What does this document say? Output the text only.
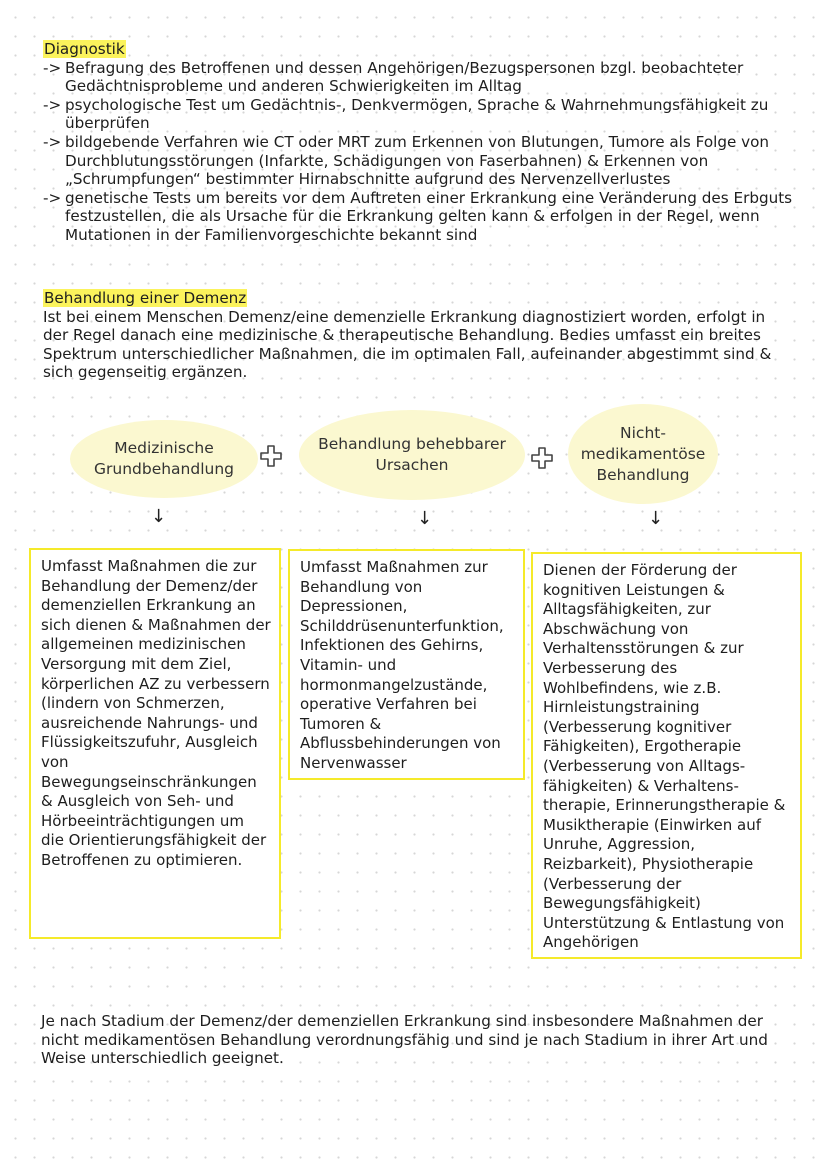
Diagnostik
-> Befragung des Betroffenen und dessen Angehörigen/Bezugspersonen bzgl. beobachteter Gedächtnisprobleme und anderen Schwierigkeiten im Alltag
-> psychologische Test um Gedächtnis-, Denkvermögen, Sprache & Wahrnehmungsfähigkeit zu überprüfen
-> bildgebende Verfahren wie CT oder MRT zum Erkennen von Blutungen, Tumore als Folge von Durchblutungsstörungen (Infarkte, Schädigungen von Faserbahnen) & Erkennen von „Schrumpfungen“ bestimmter Hirnabschnitte aufgrund des Nervenzellverlustes
-> genetische Tests um bereits vor dem Auftreten einer Erkrankung eine Veränderung des Erbguts festzustellen, die als Ursache für die Erkrankung gelten kann & erfolgen in der Regel, wenn Mutationen in der Familienvorgeschichte bekannt sind
Behandlung einer Demenz
Ist bei einem Menschen Demenz/eine demenzielle Erkrankung diagnostiziert worden, erfolgt in der Regel danach eine medizinische & therapeutische Behandlung. Bedies umfasst ein breites Spektrum unterschiedlicher Maßnahmen, die im optimalen Fall, aufeinander abgestimmt sind & sich gegenseitig ergänzen.
Medizinische Grundbehandlung
Behandlung behebbarer Ursachen
Nicht-medikamentöse Behandlung
↓	↓	↓
Umfasst Maßnahmen die zur Behandlung der Demenz/der demenziellen Erkrankung an sich dienen & Maßnahmen der allgemeinen medizinischen Versorgung mit dem Ziel, körperlichen AZ zu verbessern (lindern von Schmerzen, ausreichende Nahrungs- und Flüssigkeitszufuhr, Ausgleich von Bewegungseinschränkungen & Ausgleich von Seh- und Hörbeeinträchtigungen um die Orientierungsfähigkeit der Betroffenen zu optimieren.
Umfasst Maßnahmen zur Behandlung von Depressionen, Schilddrüsenunterfunktion, Infektionen des Gehirns, Vitamin- und hormonmangelzustände, operative Verfahren bei Tumoren & Abflussbehinderungen von Nervenwasser
Dienen der Förderung der kognitiven Leistungen & Alltagsfähigkeiten, zur Abschwächung von Verhaltensstörungen & zur Verbesserung des Wohlbefindens, wie z.B. Hirnleistungstraining (Verbesserung kognitiver Fähigkeiten), Ergotherapie (Verbesserung von Alltags-fähigkeiten) & Verhaltens-therapie, Erinnerungstherapie & Musiktherapie (Einwirken auf Unruhe, Aggression, Reizbarkeit), Physiotherapie (Verbesserung der Bewegungsfähigkeit) Unterstützung & Entlastung von Angehörigen
Je nach Stadium der Demenz/der demenziellen Erkrankung sind insbesondere Maßnahmen der nicht medikamentösen Behandlung verordnungsfähig und sind je nach Stadium in ihrer Art und Weise unterschiedlich geeignet.
